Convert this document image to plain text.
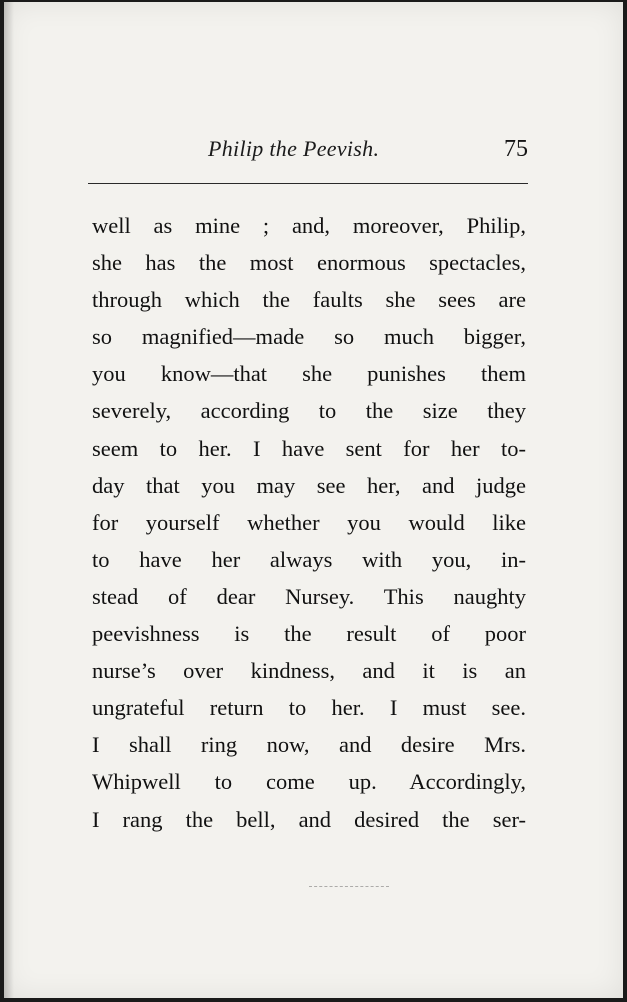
Philip the Peevish.	75
well as mine ; and, moreover, Philip,
she has the most enormous spectacles,
through which the faults she sees are
so magnified—made so much bigger,
you know—that she punishes them
severely, according to the size they
seem to her. I have sent for her to-
day that you may see her, and judge
for yourself whether you would like
to have her always with you, in-
stead of dear Nursey. This naughty
peevishness is the result of poor
nurse’s over kindness, and it is an
ungrateful return to her. I must see.
I shall ring now, and desire Mrs.
Whipwell to come up. Accordingly,
I rang the bell, and desired the ser-
